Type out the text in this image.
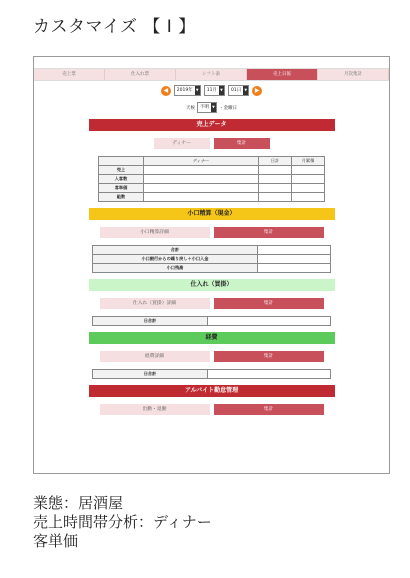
カスタマイズ 【 I 】
売上票	仕入れ票	シフト表	売上日報	月次集計
◀	2019年 ▼ 11月 ▼ 01日 ▼	▶
天候 不明 ▼ ・金曜日
売上データ
ディナー	集計
	ディナー	日計	月累積
売上			
入客数			
客単価			
組数			
小口精算（現金）
小口精算詳細	集計
合計	
小口銀行からの繰り戻し＋小口入金	
小口残高	
仕入れ（買掛）
仕入れ（買掛）詳細	集計
日合計	
経費
経費詳細	集計
日合計	
アルバイト勤怠管理
出勤・退勤	集計
業態：居酒屋
売上時間帯分析：ディナー
客単価
